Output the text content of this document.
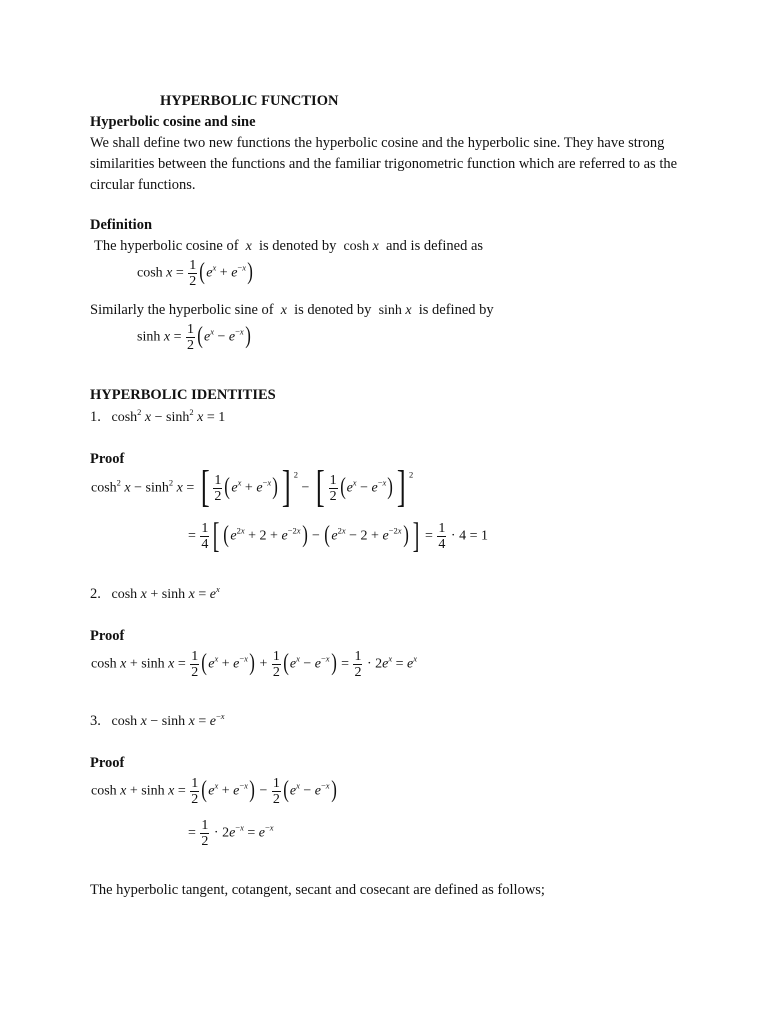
HYPERBOLIC FUNCTION
Hyperbolic cosine and sine
We shall define two new functions the hyperbolic cosine and the hyperbolic sine. They have strong similarities between the functions and the familiar trigonometric function which are referred to as the circular functions.
Definition
The hyperbolic cosine of  x  is denoted by  cosh x and is defined as
$\cosh x = \frac{1}{2} (e^x + e^{-x})$
Similarly the hyperbolic sine of  x  is denoted by  sinh x is defined by
$\sinh x = \frac{1}{2} (e^x - e^{-x})$
HYPERBOLIC IDENTITIES
1.   $\cosh^2 x - \sinh^2 x = 1$
Proof
$\cosh^2 x - \sinh^2 x$ = [ $\frac{1}{2} (e^x + e^{-x})$] $^2$ − [ $\frac{1}{2} (e^x - e^{-x})$] $^2$
= $\frac{1}{4}$ [ $(e^{2x} + 2 + e^{-2x}) - (e^{2x} - 2 + e^{-2x})$ ] = $\frac{1}{4} \cdot 4 = 1$
2.   $\cosh x + \sinh x = e^x$
Proof
$\cosh x + \sinh x = \frac{1}{2} (e^x + e^{-x}) + \frac{1}{2} (e^x - e^{-x}) = \frac{1}{2} \cdot 2e^x = e^x$
3.   $\cosh x - \sinh x = e^{-x}$
Proof
$\cosh x + \sinh x = \frac{1}{2} (e^x + e^{-x}) - \frac{1}{2} (e^x - e^{-x})$
= $\frac{1}{2} \cdot 2e^{-x} = e^{-x}$
The hyperbolic tangent, cotangent, secant and cosecant are defined as follows;
